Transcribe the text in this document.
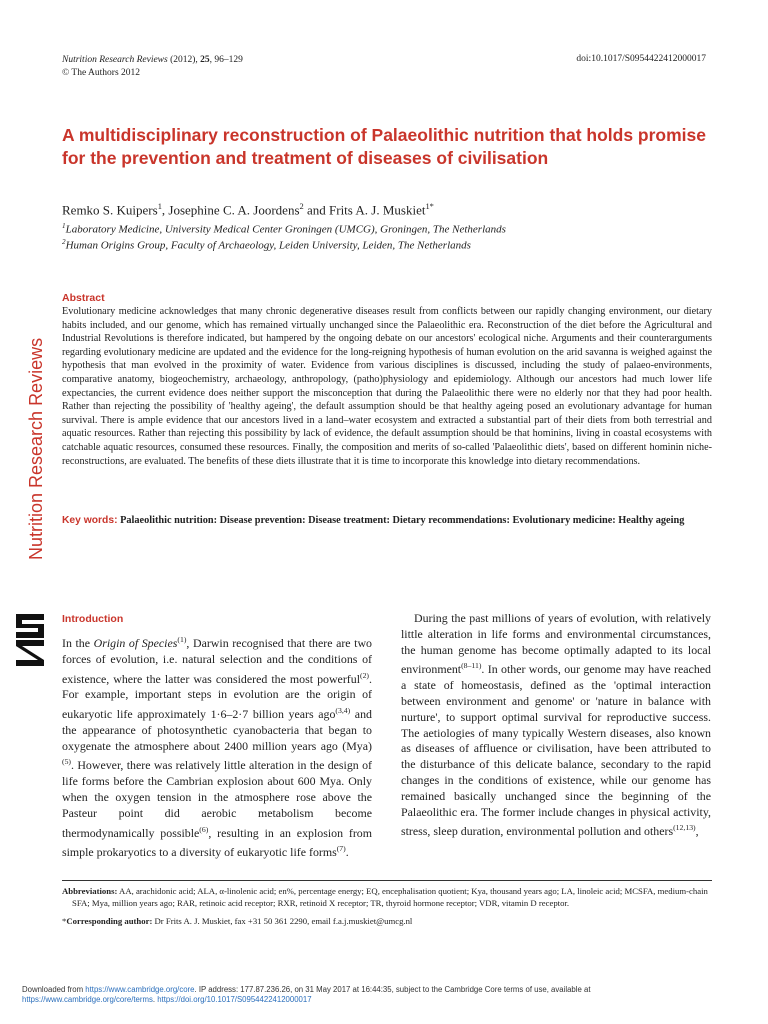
Nutrition Research Reviews (2012), 25, 96–129
© The Authors 2012
doi:10.1017/S0954422412000017
A multidisciplinary reconstruction of Palaeolithic nutrition that holds promise for the prevention and treatment of diseases of civilisation
Remko S. Kuipers$^1$, Josephine C. A. Joordens$^2$ and Frits A. J. Muskiet$^{1*}$
$^1$Laboratory Medicine, University Medical Center Groningen (UMCG), Groningen, The Netherlands
$^2$Human Origins Group, Faculty of Archaeology, Leiden University, Leiden, The Netherlands
Nutrition Research Reviews
Abstract
Evolutionary medicine acknowledges that many chronic degenerative diseases result from conflicts between our rapidly changing environment, our dietary habits included, and our genome, which has remained virtually unchanged since the Palaeolithic era. Reconstruction of the diet before the Agricultural and Industrial Revolutions is therefore indicated, but hampered by the ongoing debate on our ancestors' ecological niche. Arguments and their counterarguments regarding evolutionary medicine are updated and the evidence for the long-reigning hypothesis of human evolution on the arid savanna is weighed against the hypothesis that man evolved in the proximity of water. Evidence from various disciplines is discussed, including the study of palaeo-environments, comparative anatomy, biogeochemistry, archaeology, anthropology, (patho)physiology and epidemiology. Although our ancestors had much lower life expectancies, the current evidence does neither support the misconception that during the Palaeolithic there were no elderly nor that they had poor health. Rather than rejecting the possibility of 'healthy ageing', the default assumption should be that healthy ageing posed an evolutionary advantage for human survival. There is ample evidence that our ancestors lived in a land–water ecosystem and extracted a substantial part of their diets from both terrestrial and aquatic resources. Rather than rejecting this possibility by lack of evidence, the default assumption should be that hominins, living in coastal ecosystems with catchable aquatic resources, consumed these resources. Finally, the composition and merits of so-called 'Palaeolithic diets', based on different hominin niche-reconstructions, are evaluated. The benefits of these diets illustrate that it is time to incorporate this knowledge into dietary recommendations.
Key words: Palaeolithic nutrition: Disease prevention: Disease treatment: Dietary recommendations: Evolutionary medicine: Healthy ageing
Introduction
In the Origin of Species$^{(1)}$, Darwin recognised that there are two forces of evolution, i.e. natural selection and the conditions of existence, where the latter was considered the most powerful$^{(2)}$. For example, important steps in evolution are the origin of eukaryotic life approximately 1·6–2·7 billion years ago$^{(3,4)}$ and the appearance of photosynthetic cyanobacteria that began to oxygenate the atmosphere about 2400 million years ago (Mya)$^{(5)}$. However, there was relatively little alteration in the design of life forms before the Cambrian explosion about 600 Mya. Only when the oxygen tension in the atmosphere rose above the Pasteur point did aerobic metabolism become thermodynamically possible$^{(6)}$, resulting in an explosion from simple prokaryotics to a diversity of eukaryotic life forms$^{(7)}$.
During the past millions of years of evolution, with relatively little alteration in life forms and environmental circumstances, the human genome has become optimally adapted to its local environment$^{(8-11)}$. In other words, our genome may have reached a state of homeostasis, defined as the 'optimal interaction between environment and genome' or 'nature in balance with nurture', to support optimal survival for reproductive success. The aetiologies of many typically Western diseases, also known as diseases of affluence or civilisation, have been attributed to the disturbance of this delicate balance, secondary to the rapid changes in the conditions of existence, while our genome has remained basically unchanged since the beginning of the Palaeolithic era. The former include changes in physical activity, stress, sleep duration, environmental pollution and others$^{(12,13)}$,
Abbreviations: AA, arachidonic acid; ALA, α-linolenic acid; en%, percentage energy; EQ, encephalisation quotient; Kya, thousand years ago; LA, linoleic acid; MCSFA, medium-chain SFA; Mya, million years ago; RAR, retinoic acid receptor; RXR, retinoid X receptor; TR, thyroid hormone receptor; VDR, vitamin D receptor.
*Corresponding author: Dr Frits A. J. Muskiet, fax +31 50 361 2290, email f.a.j.muskiet@umcg.nl
Downloaded from https://www.cambridge.org/core. IP address: 177.87.236.26, on 31 May 2017 at 16:44:35, subject to the Cambridge Core terms of use, available at
https://www.cambridge.org/core/terms. https://doi.org/10.1017/S0954422412000017
